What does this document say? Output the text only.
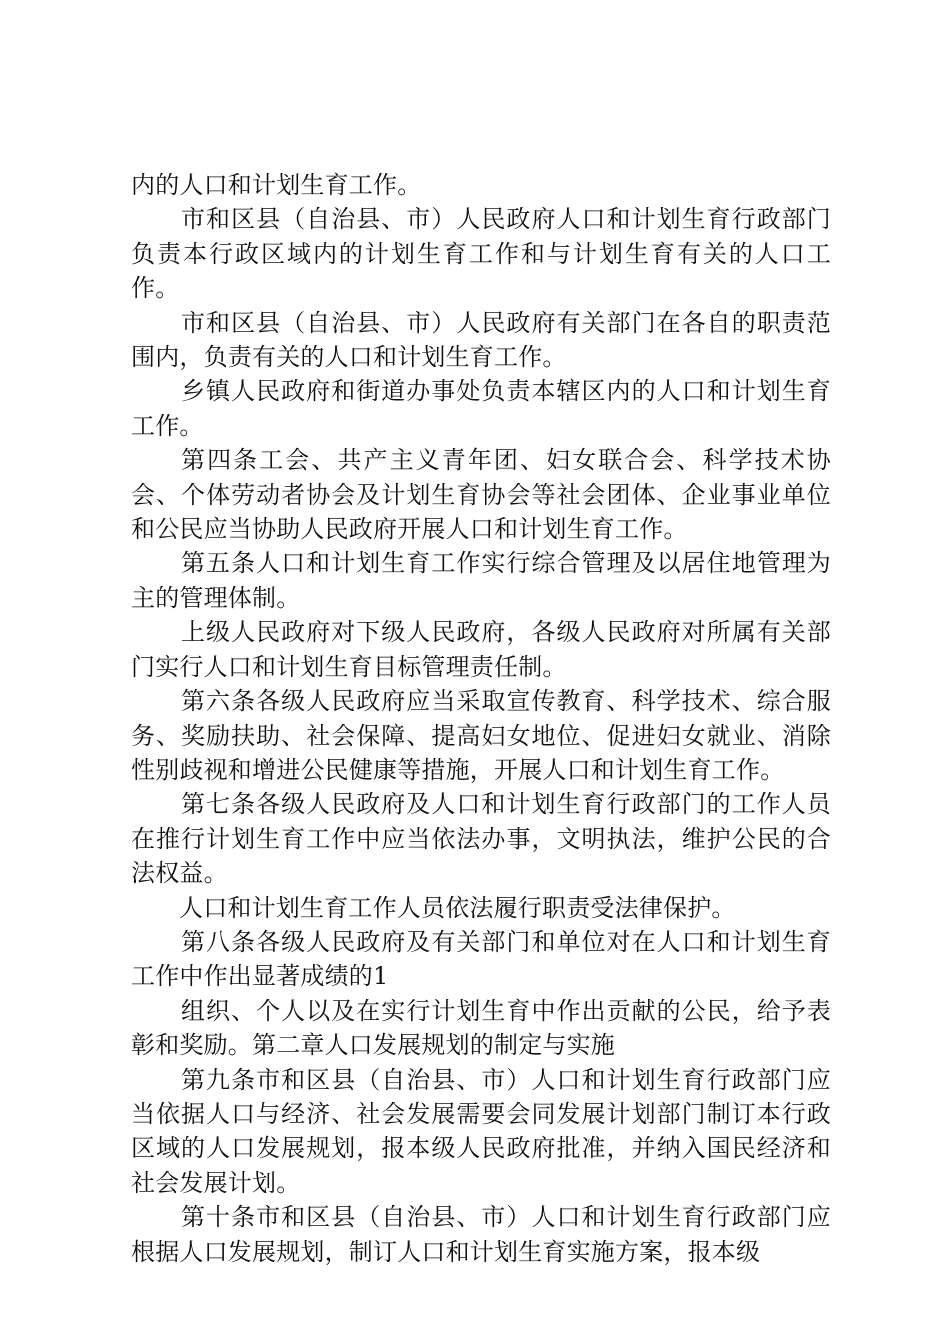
内的人口和计划生育工作。

市和区县（自治县、市）人民政府人口和计划生育行政部门负责本行政区域内的计划生育工作和与计划生育有关的人口工作。

市和区县（自治县、市）人民政府有关部门在各自的职责范围内，负责有关的人口和计划生育工作。

乡镇人民政府和街道办事处负责本辖区内的人口和计划生育工作。

第四条工会、共产主义青年团、妇女联合会、科学技术协会、个体劳动者协会及计划生育协会等社会团体、企业事业单位和公民应当协助人民政府开展人口和计划生育工作。

第五条人口和计划生育工作实行综合管理及以居住地管理为主的管理体制。

上级人民政府对下级人民政府，各级人民政府对所属有关部门实行人口和计划生育目标管理责任制。

第六条各级人民政府应当采取宣传教育、科学技术、综合服务、奖励扶助、社会保障、提高妇女地位、促进妇女就业、消除性别歧视和增进公民健康等措施，开展人口和计划生育工作。

第七条各级人民政府及人口和计划生育行政部门的工作人员在推行计划生育工作中应当依法办事，文明执法，维护公民的合法权益。

人口和计划生育工作人员依法履行职责受法律保护。

第八条各级人民政府及有关部门和单位对在人口和计划生育工作中作出显著成绩的1

组织、个人以及在实行计划生育中作出贡献的公民，给予表彰和奖励。第二章人口发展规划的制定与实施

第九条市和区县（自治县、市）人口和计划生育行政部门应当依据人口与经济、社会发展需要会同发展计划部门制订本行政区域的人口发展规划，报本级人民政府批准，并纳入国民经济和社会发展计划。

第十条市和区县（自治县、市）人口和计划生育行政部门应根据人口发展规划，制订人口和计划生育实施方案，报本级
